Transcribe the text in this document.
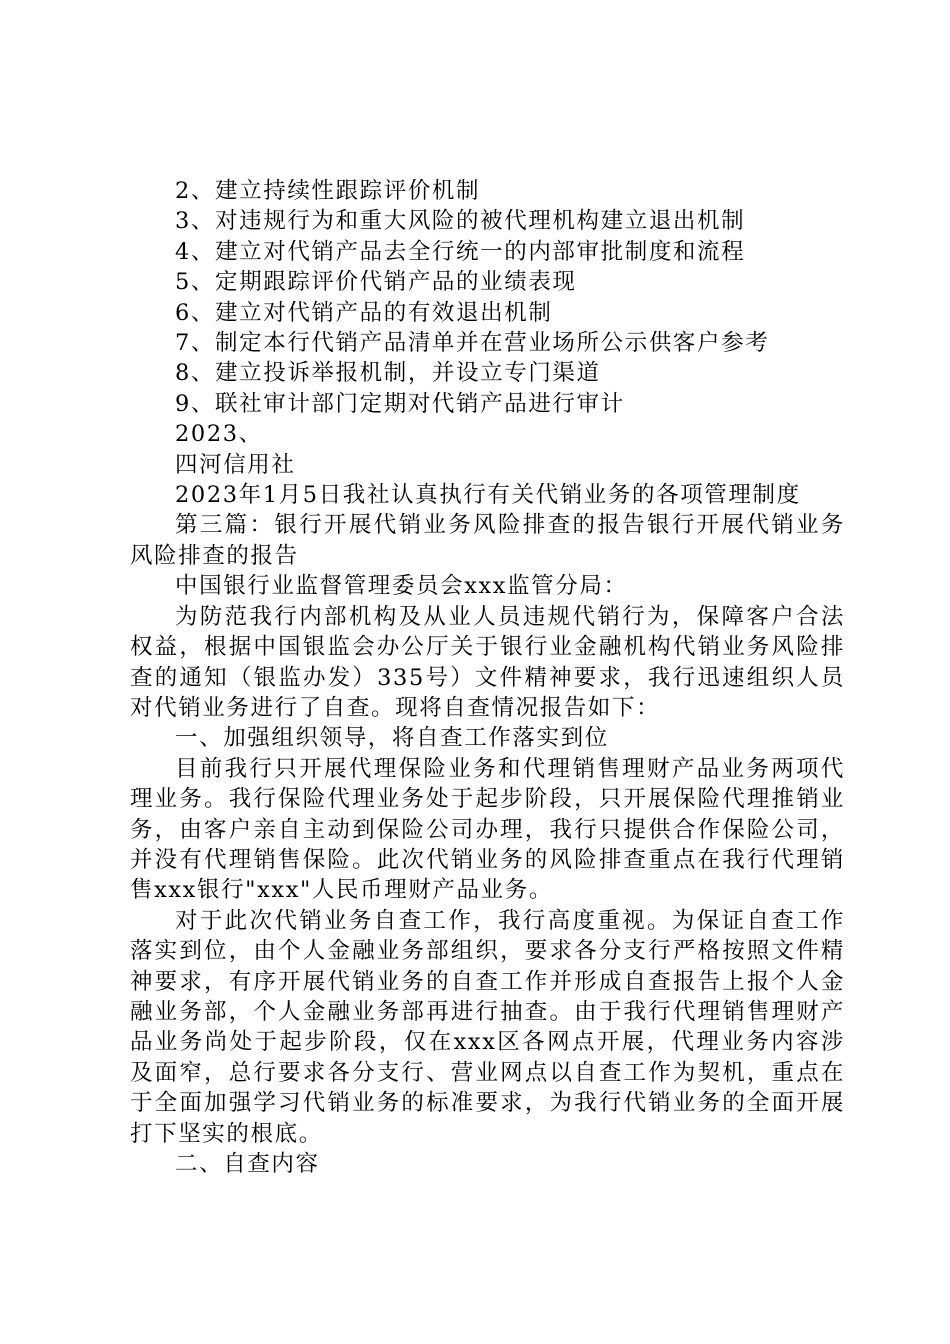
2、建立持续性跟踪评价机制

3、对违规行为和重大风险的被代理机构建立退出机制

4、建立对代销产品去全行统一的内部审批制度和流程

5、定期跟踪评价代销产品的业绩表现

6、建立对代销产品的有效退出机制

7、制定本行代销产品清单并在营业场所公示供客户参考

8、建立投诉举报机制，并设立专门渠道

9、联社审计部门定期对代销产品进行审计

2023、

四河信用社

2023年1月5日我社认真执行有关代销业务的各项管理制度

第三篇：银行开展代销业务风险排查的报告银行开展代销业务风险排查的报告

中国银行业监督管理委员会xxx监管分局：

为防范我行内部机构及从业人员违规代销行为，保障客户合法权益，根据中国银监会办公厅关于银行业金融机构代销业务风险排查的通知（银监办发）335号）文件精神要求，我行迅速组织人员对代销业务进行了自查。现将自查情况报告如下：

一、加强组织领导，将自查工作落实到位

目前我行只开展代理保险业务和代理销售理财产品业务两项代理业务。我行保险代理业务处于起步阶段，只开展保险代理推销业务，由客户亲自主动到保险公司办理，我行只提供合作保险公司，并没有代理销售保险。此次代销业务的风险排查重点在我行代理销售xxx银行"xxx"人民币理财产品业务。

对于此次代销业务自查工作，我行高度重视。为保证自查工作落实到位，由个人金融业务部组织，要求各分支行严格按照文件精神要求，有序开展代销业务的自查工作并形成自查报告上报个人金融业务部，个人金融业务部再进行抽查。由于我行代理销售理财产品业务尚处于起步阶段，仅在xxx区各网点开展，代理业务内容涉及面窄，总行要求各分支行、营业网点以自查工作为契机，重点在于全面加强学习代销业务的标准要求，为我行代销业务的全面开展打下坚实的根底。

二、自查内容
